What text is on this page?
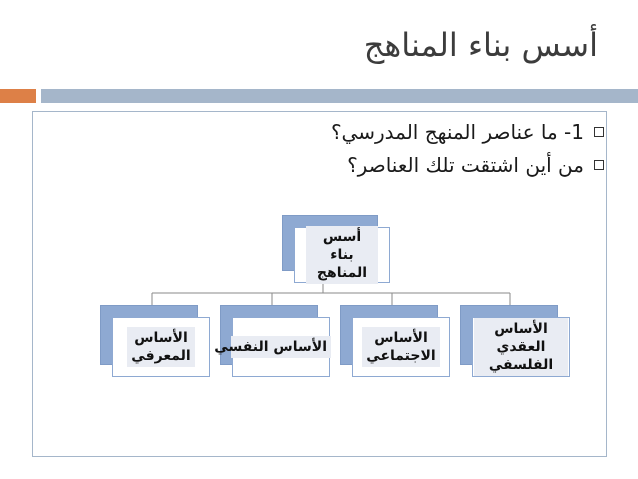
أسس بناء المناهج
1- ما عناصر المنهج المدرسي؟
من أين اشتقت تلك العناصر؟
أسس بناء المناهج
الأساس العقدي الفلسفي
الأساس الاجتماعي
الأساس النفسي
الأساس المعرفي
